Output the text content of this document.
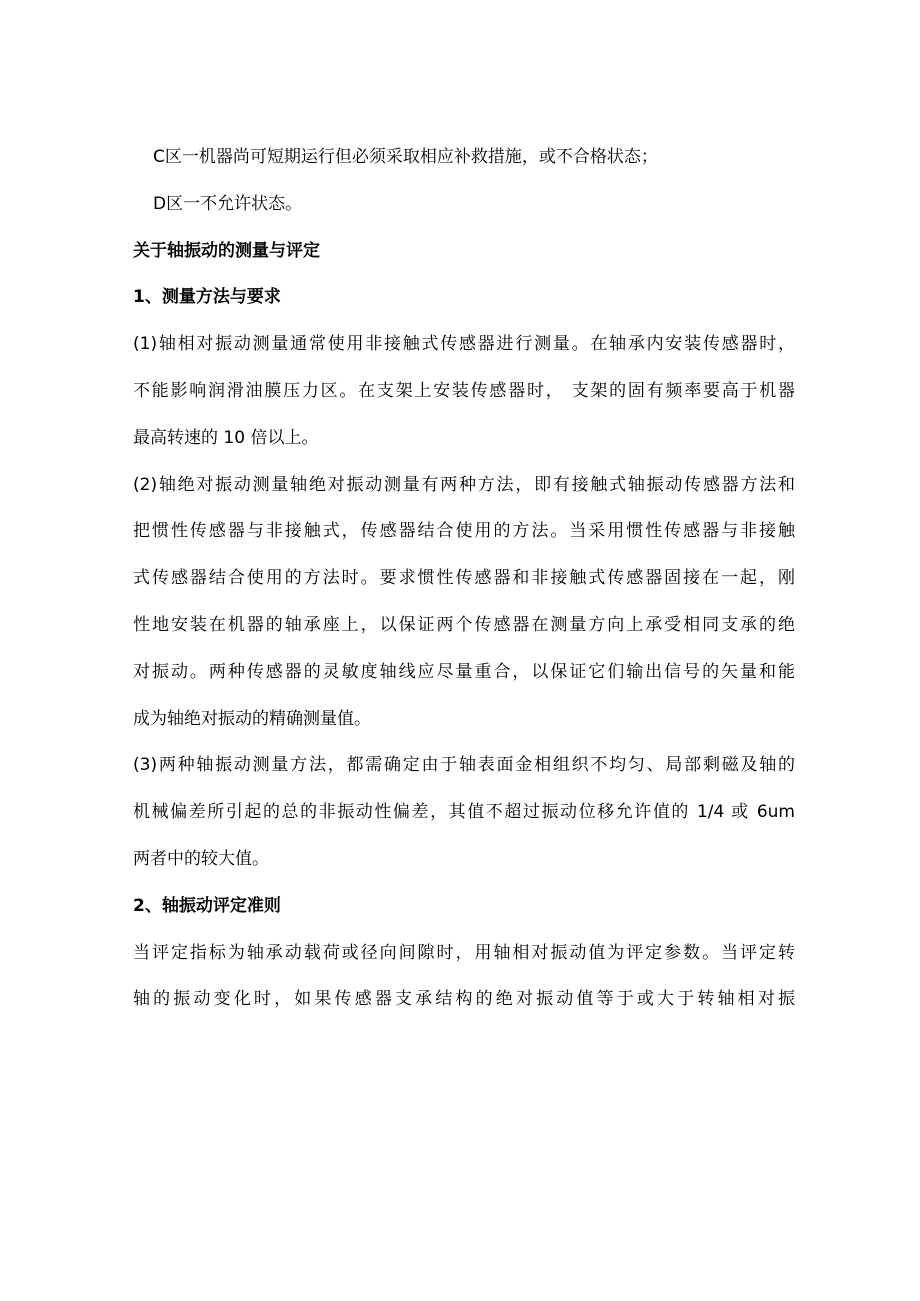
C区一机器尚可短期运行但必须采取相应补救措施，或不合格状态；
D区一不允许状态。
关于轴振动的测量与评定
1、测量方法与要求
(1)轴相对振动测量通常使用非接触式传感器进行测量。在轴承内安装传感器时，
不能影响润滑油膜压力区。在支架上安装传感器时， 支架的固有频率要高于机器
最高转速的 10 倍以上。
(2)轴绝对振动测量轴绝对振动测量有两种方法，即有接触式轴振动传感器方法和
把惯性传感器与非接触式，传感器结合使用的方法。当采用惯性传感器与非接触
式传感器结合使用的方法时。要求惯性传感器和非接触式传感器固接在一起，刚
性地安装在机器的轴承座上，以保证两个传感器在测量方向上承受相同支承的绝
对振动。两种传感器的灵敏度轴线应尽量重合，以保证它们输出信号的矢量和能
成为轴绝对振动的精确测量值。
(3)两种轴振动测量方法，都需确定由于轴表面金相组织不均匀、局部剩磁及轴的
机械偏差所引起的总的非振动性偏差，其值不超过振动位移允许值的 1/4 或 6um
两者中的较大值。
2、轴振动评定准则
当评定指标为轴承动载荷或径向间隙时，用轴相对振动值为评定参数。当评定转
轴的振动变化时，如果传感器支承结构的绝对振动值等于或大于转轴相对振
